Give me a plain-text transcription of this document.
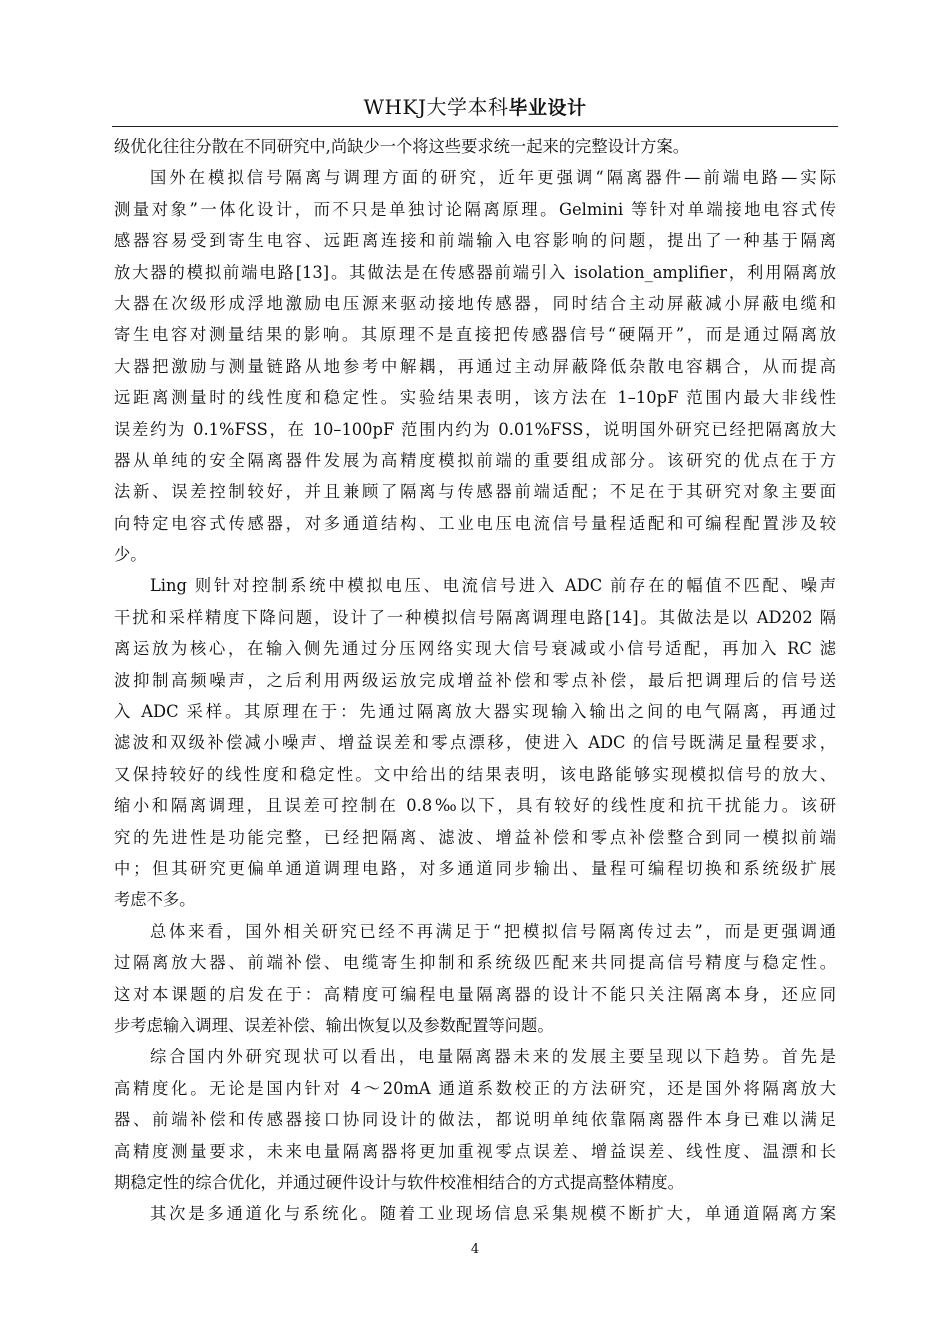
WHKJ大学本科毕业设计
级优化往往分散在不同研究中,尚缺少一个将这些要求统一起来的完整设计方案。
国外在模拟信号隔离与调理方面的研究，近年更强调“隔离器件—前端电路—实际
测量对象”一体化设计，而不只是单独讨论隔离原理。Gelmini 等针对单端接地电容式传
感器容易受到寄生电容、远距离连接和前端输入电容影响的问题，提出了一种基于隔离
放大器的模拟前端电路[13]。其做法是在传感器前端引入 isolation_amplifier，利用隔离放
大器在次级形成浮地激励电压源来驱动接地传感器，同时结合主动屏蔽减小屏蔽电缆和
寄生电容对测量结果的影响。其原理不是直接把传感器信号“硬隔开”，而是通过隔离放
大器把激励与测量链路从地参考中解耦，再通过主动屏蔽降低杂散电容耦合，从而提高
远距离测量时的线性度和稳定性。实验结果表明，该方法在 1–10pF 范围内最大非线性
误差约为 0.1%FSS，在 10–100pF 范围内约为 0.01%FSS，说明国外研究已经把隔离放大
器从单纯的安全隔离器件发展为高精度模拟前端的重要组成部分。该研究的优点在于方
法新、误差控制较好，并且兼顾了隔离与传感器前端适配；不足在于其研究对象主要面
向特定电容式传感器，对多通道结构、工业电压电流信号量程适配和可编程配置涉及较
少。
Ling 则针对控制系统中模拟电压、电流信号进入 ADC 前存在的幅值不匹配、噪声
干扰和采样精度下降问题，设计了一种模拟信号隔离调理电路[14]。其做法是以 AD202 隔
离运放为核心，在输入侧先通过分压网络实现大信号衰减或小信号适配，再加入 RC 滤
波抑制高频噪声，之后利用两级运放完成增益补偿和零点补偿，最后把调理后的信号送
入 ADC 采样。其原理在于：先通过隔离放大器实现输入输出之间的电气隔离，再通过
滤波和双级补偿减小噪声、增益误差和零点漂移，使进入 ADC 的信号既满足量程要求，
又保持较好的线性度和稳定性。文中给出的结果表明，该电路能够实现模拟信号的放大、
缩小和隔离调理，且误差可控制在 0.8‰以下，具有较好的线性度和抗干扰能力。该研
究的先进性是功能完整，已经把隔离、滤波、增益补偿和零点补偿整合到同一模拟前端
中；但其研究更偏单通道调理电路，对多通道同步输出、量程可编程切换和系统级扩展
考虑不多。
总体来看，国外相关研究已经不再满足于“把模拟信号隔离传过去”，而是更强调通
过隔离放大器、前端补偿、电缆寄生抑制和系统级匹配来共同提高信号精度与稳定性。
这对本课题的启发在于：高精度可编程电量隔离器的设计不能只关注隔离本身，还应同
步考虑输入调理、误差补偿、输出恢复以及参数配置等问题。
综合国内外研究现状可以看出，电量隔离器未来的发展主要呈现以下趋势。首先是
高精度化。无论是国内针对 4～20mA 通道系数校正的方法研究，还是国外将隔离放大
器、前端补偿和传感器接口协同设计的做法，都说明单纯依靠隔离器件本身已难以满足
高精度测量要求，未来电量隔离器将更加重视零点误差、增益误差、线性度、温漂和长
期稳定性的综合优化，并通过硬件设计与软件校准相结合的方式提高整体精度。
其次是多通道化与系统化。随着工业现场信息采集规模不断扩大，单通道隔离方案
4
